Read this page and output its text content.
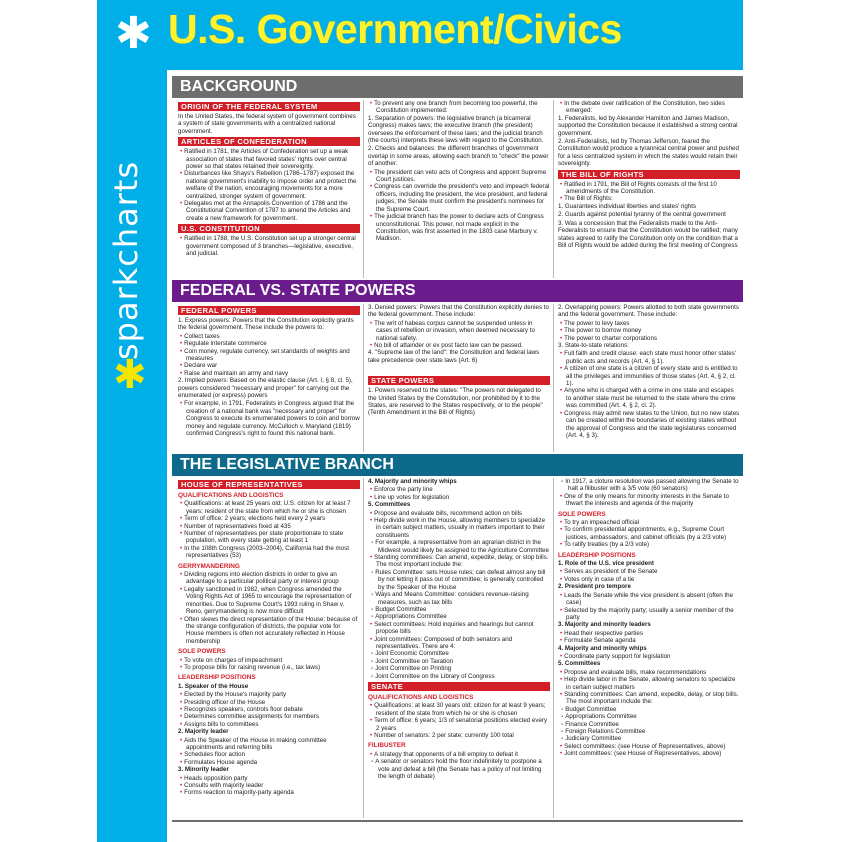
✱ U.S. Government/Civics
sparkcharts
✱
BACKGROUND
ORIGIN OF THE FEDERAL SYSTEM

In the United States, the federal system of government combines a system of state governments with a centralized national government.

ARTICLES OF CONFEDERATION
• Ratified in 1781, the Articles of Confederation set up a weak association of states that favored states' rights over central power so that states retained their sovereignty.
• Disturbances like Shays's Rebellion (1786–1787) exposed the national government's inability to impose order and protect the welfare of the nation, encouraging movements for a more centralized, stronger system of government.
• Delegates met at the Annapolis Convention of 1786 and the Constitutional Convention of 1787 to amend the Articles and create a new framework for government.
U.S. CONSTITUTION
• Ratified in 1788, the U.S. Constitution set up a stronger central government composed of 3 branches—legislative, executive, and judicial.
• To prevent any one branch from becoming too powerful, the Constitution implemented:

1. Separation of powers: the legislative branch (a bicameral Congress) makes laws; the executive branch (the president) oversees the enforcement of these laws; and the judicial branch (the courts) interprets these laws with regard to the Constitution.

2. Checks and balances: the different branches of government overlap in some areas, allowing each branch to "check" the power of another.

• The president can veto acts of Congress and appoint Supreme Court justices.
• Congress can override the president's veto and impeach federal officers, including the president, the vice president, and federal judges; the Senate must confirm the president's nominees for the Supreme Court.
• The judicial branch has the power to declare acts of Congress unconstitutional. This power, not made explicit in the Constitution, was first asserted in the 1803 case Marbury v. Madison.
• In the debate over ratification of the Constitution, two sides emerged:

1. Federalists, led by Alexander Hamilton and James Madison, supported the Constitution because it established a strong central government.

2. Anti-Federalists, led by Thomas Jefferson, feared the Constitution would produce a tyrannical central power and pushed for a less centralized system in which the states would retain their sovereignty.

THE BILL OF RIGHTS
• Ratified in 1791, the Bill of Rights consists of the first 10 amendments of the Constitution.
• The Bill of Rights:

1. Guarantees individual liberties and states' rights

2. Guards against potential tyranny of the central government

3. Was a concession that the Federalists made to the Anti-Federalists to ensure that the Constitution would be ratified; many states agreed to ratify the Constitution only on the condition that a Bill of Rights would be added during the first meeting of Congress

FEDERAL VS. STATE POWERS
FEDERAL POWERS

1. Express powers: Powers that the Constitution explicitly grants the federal government. These include the powers to:

• Collect taxes
• Regulate interstate commerce
• Coin money, regulate currency, set standards of weights and measures
• Declare war
• Raise and maintain an army and navy

2. Implied powers: Based on the elastic clause (Art. I, § 8, cl. 5), powers considered "necessary and proper" for carrying out the enumerated (or express) powers

• For example, in 1791, Federalists in Congress argued that the creation of a national bank was "necessary and proper" for Congress to execute its enumerated powers to coin and borrow money and regulate currency. McCulloch v. Maryland (1819) confirmed Congress's right to found this national bank.

3. Denied powers: Powers that the Constitution explicitly denies to the federal government. These include:

• The writ of habeas corpus cannot be suspended unless in cases of rebellion or invasion, when deemed necessary to national safety.
• No bill of attainder or ex post facto law can be passed.

4. "Supreme law of the land": the Constitution and federal laws take precedence over state laws (Art. 6)

STATE POWERS

1. Powers reserved to the states: "The powers not delegated to the United States by the Constitution, nor prohibited by it to the States, are reserved to the States respectively, or to the people" (Tenth Amendment in the Bill of Rights)

2. Overlapping powers: Powers allotted to both state governments and the federal government. These include:

• The power to levy taxes
• The power to borrow money
• The power to charter corporations

3. State-to-state relations:

• Full faith and credit clause: each state must honor other states' public acts and records (Art. 4, § 1).
• A citizen of one state is a citizen of every state and is entitled to all the privileges and immunities of those states (Art. 4, § 2, cl. 1).
• Anyone who is charged with a crime in one state and escapes to another state must be returned to the state where the crime was committed (Art. 4, § 2, cl. 2).
• Congress may admit new states to the Union, but no new states can be created within the boundaries of existing states without the approval of Congress and the state legislatures concerned (Art. 4, § 3).
THE LEGISLATIVE BRANCH
HOUSE OF REPRESENTATIVES
QUALIFICATIONS AND LOGISTICS
• Qualifications: at least 25 years old; U.S. citizen for at least 7 years; resident of the state from which he or she is chosen
• Term of office: 2 years; elections held every 2 years
• Number of representatives fixed at 435
• Number of representatives per state proportionate to state population, with every state getting at least 1
• In the 108th Congress (2003–2004), California had the most representatives (53)
GERRYMANDERING
• Dividing regions into election districts in order to give an advantage to a particular political party or interest group
• Legally sanctioned in 1982, when Congress amended the Voting Rights Act of 1965 to encourage the representation of minorities. Due to Supreme Court's 1993 ruling in Shaw v. Reno, gerrymandering is now more difficult
• Often skews the direct representation of the House: because of the strange configuration of districts, the popular vote for House members is often not accurately reflected in House membership
SOLE POWERS
• To vote on charges of impeachment
• To propose bills for raising revenue (i.e., tax laws)
LEADERSHIP POSITIONS

1. Speaker of the House

• Elected by the House's majority party
• Presiding officer of the House
• Recognizes speakers, controls floor debate
• Determines committee assignments for members
• Assigns bills to committees

2. Majority leader

• Aids the Speaker of the House in making committee appointments and referring bills
• Schedules floor action
• Formulates House agenda

3. Minority leader

• Heads opposition party
• Consults with majority leader
• Forms reaction to majority-party agenda

4. Majority and minority whips

• Enforce the party line
• Line up votes for legislation

5. Committees

• Propose and evaluate bills, recommend action on bills
• Help divide work in the House, allowing members to specialize in certain subject matters, usually in matters important to their constituents
▪ For example, a representative from an agrarian district in the Midwest would likely be assigned to the Agriculture Committee
• Standing committees: Can amend, expedite, delay, or stop bills. The most important include the:
▪ Rules Committee: sets House rules; can defeat almost any bill by not letting it pass out of committee; is generally controlled by the Speaker of the House
▪ Ways and Means Committee: considers revenue-raising measures, such as tax bills
▪ Budget Committee
▪ Appropriations Committee
• Select committees: Hold inquiries and hearings but cannot propose bills
• Joint committees: Composed of both senators and representatives. There are 4:
▪ Joint Economic Committee
▪ Joint Committee on Taxation
▪ Joint Committee on Printing
▪ Joint Committee on the Library of Congress
SENATE
QUALIFICATIONS AND LOGISTICS
• Qualifications: at least 30 years old; citizen for at least 9 years; resident of the state from which he or she is chosen
• Term of office: 6 years; 1/3 of senatorial positions elected every 2 years
• Number of senators: 2 per state; currently 100 total
FILIBUSTER
• A strategy that opponents of a bill employ to defeat it
▪ A senator or senators hold the floor indefinitely to postpone a vote and defeat a bill (the Senate has a policy of not limiting the length of debate)
▪ In 1917, a cloture resolution was passed allowing the Senate to halt a filibuster with a 3/5 vote (60 senators)
• One of the only means for minority interests in the Senate to thwart the interests and agenda of the majority
SOLE POWERS
• To try an impeached official
• To confirm presidential appointments, e.g., Supreme Court justices, ambassadors, and cabinet officials (by a 2/3 vote)
• To ratify treaties (by a 2/3 vote)
LEADERSHIP POSITIONS

1. Role of the U.S. vice president

• Serves as president of the Senate
• Votes only in case of a tie

2. President pro tempore

• Leads the Senate while the vice president is absent (often the case)
• Selected by the majority party; usually a senior member of the party

3. Majority and minority leaders

• Head their respective parties
• Formulate Senate agenda

4. Majority and minority whips

• Coordinate party support for legislation

5. Committees

• Propose and evaluate bills, make recommendations
• Help divide labor in the Senate, allowing senators to specialize in certain subject matters
• Standing committees: Can amend, expedite, delay, or stop bills. The most important include the:
▪ Budget Committee
▪ Appropriations Committee
▪ Finance Committee
▪ Foreign Relations Committee
▪ Judiciary Committee
• Select committees: (see House of Representatives, above)
• Joint committees: (see House of Representatives, above)
